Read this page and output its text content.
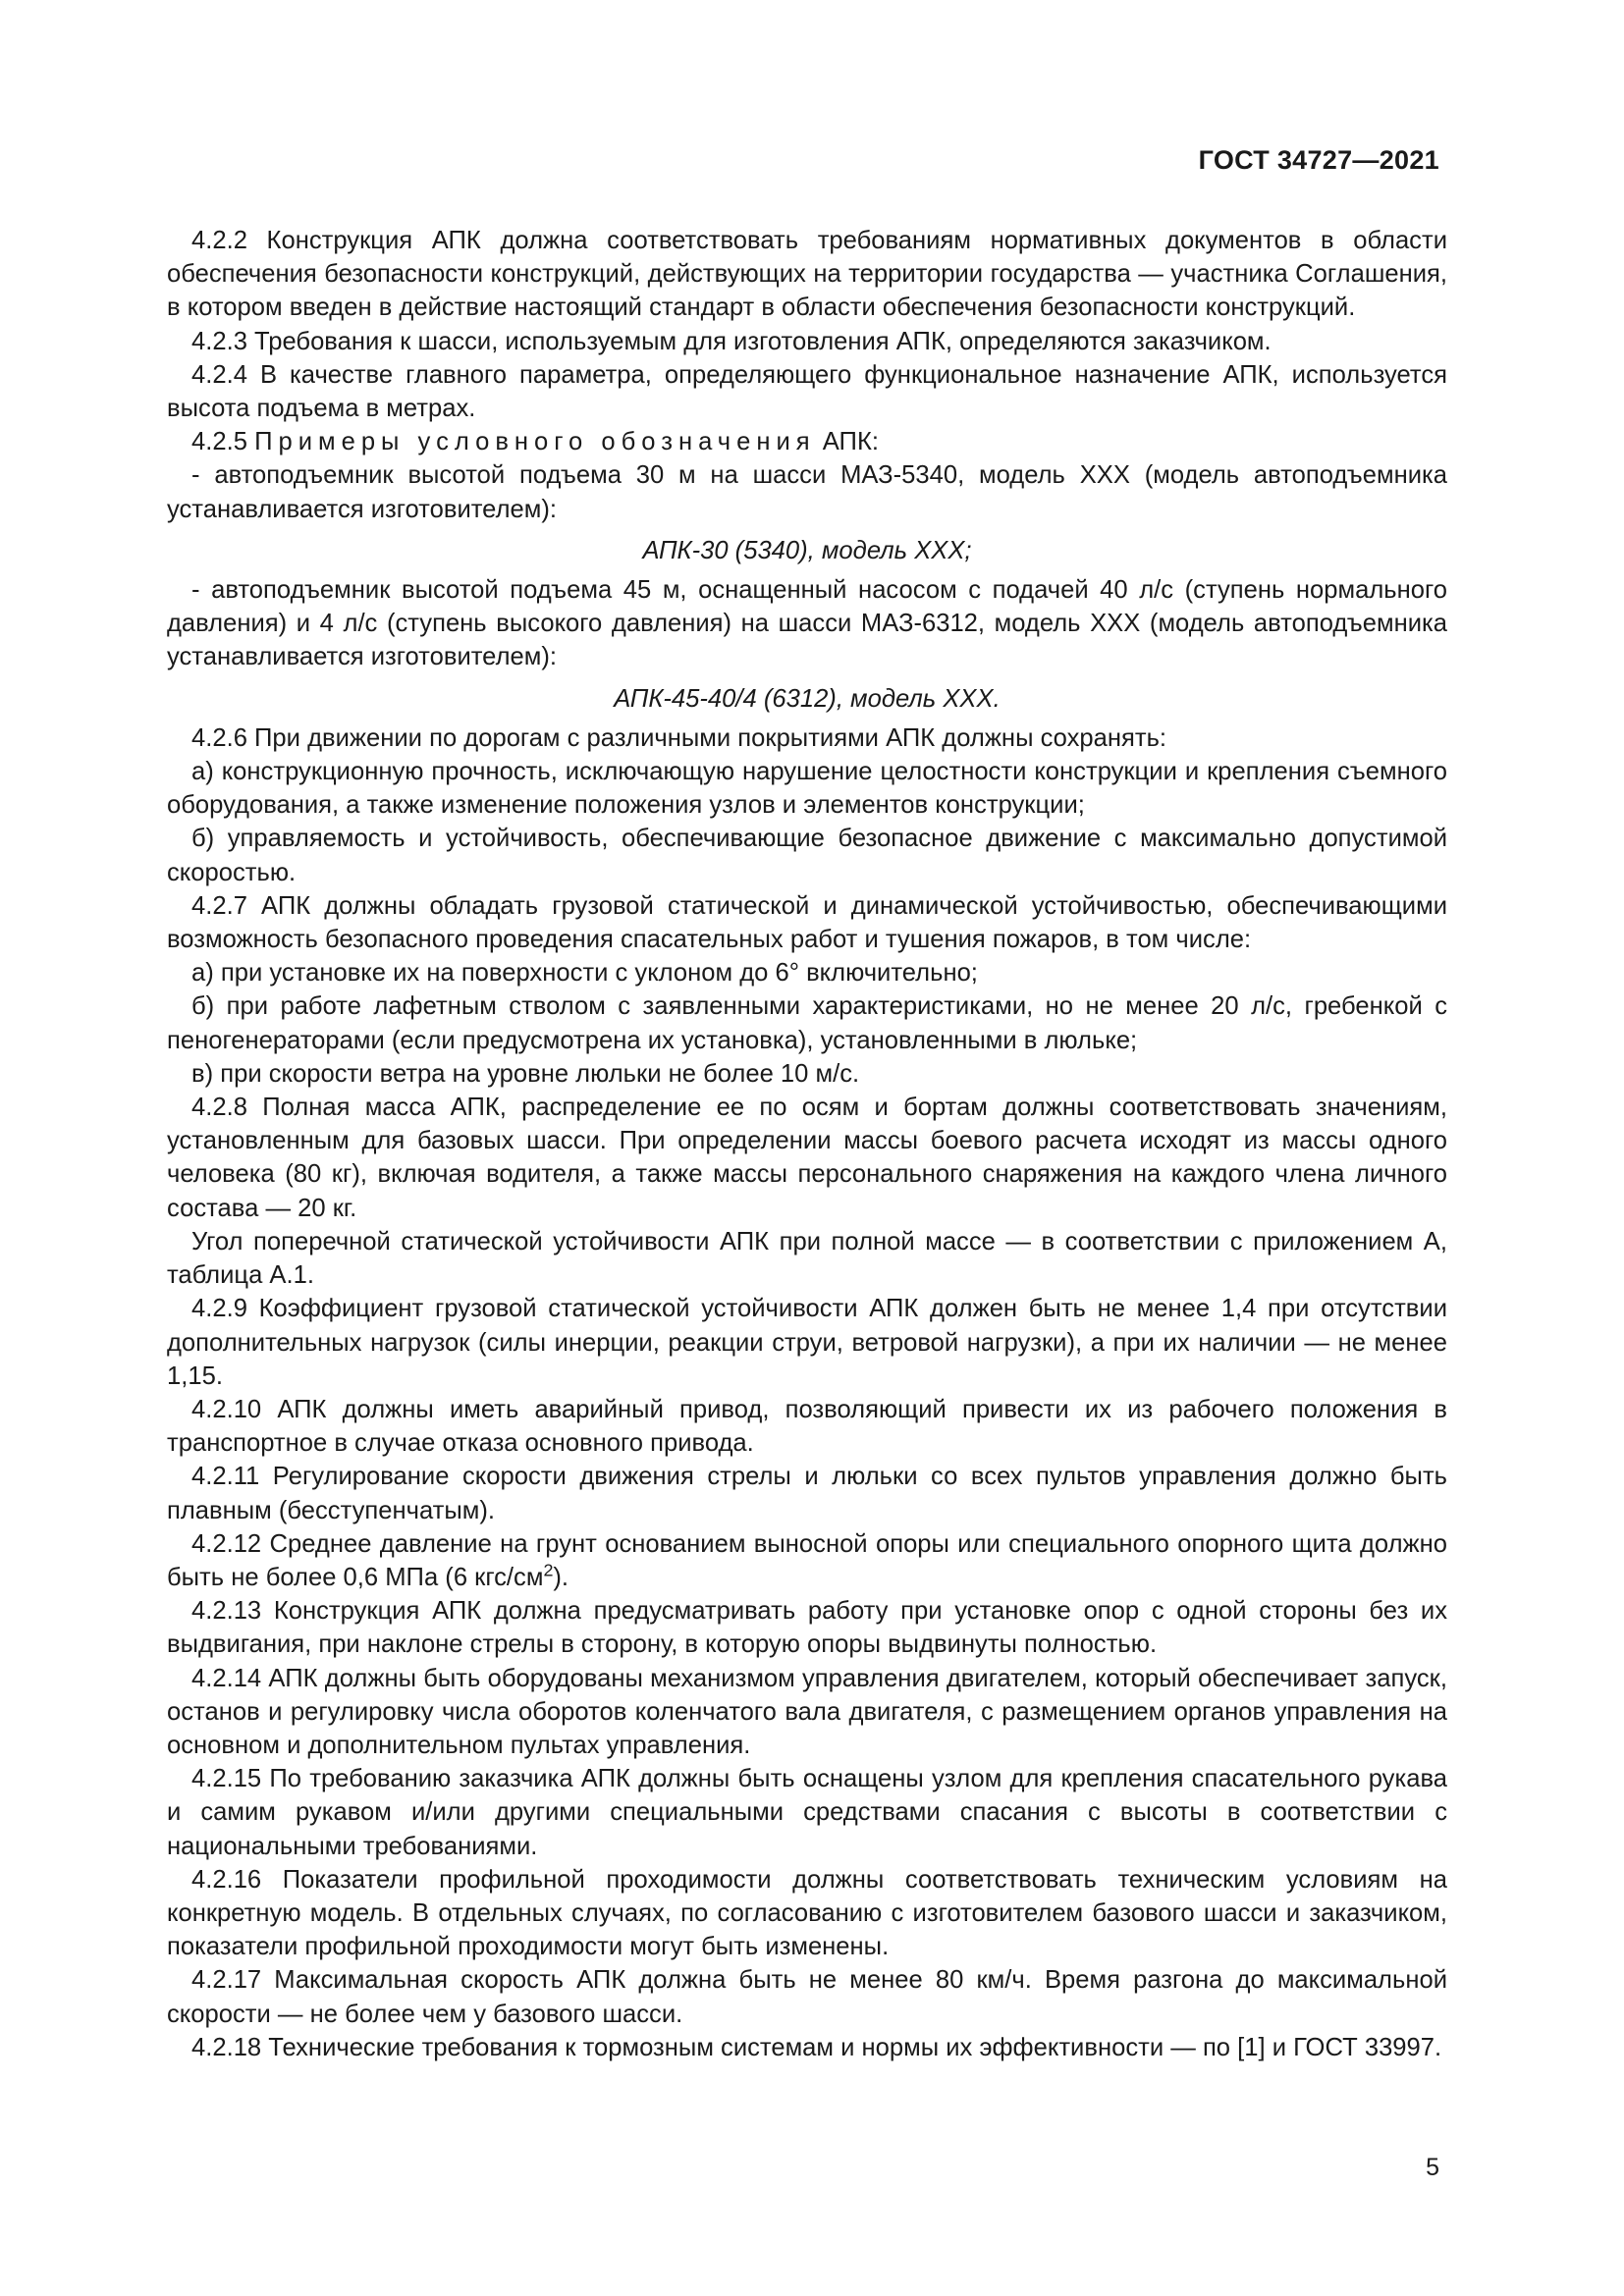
ГОСТ 34727—2021

4.2.2 Конструкция АПК должна соответствовать требованиям нормативных документов в области обеспечения безопасности конструкций, действующих на территории государства — участника Соглашения, в котором введен в действие настоящий стандарт в области обеспечения безопасности конструкций.

4.2.3 Требования к шасси, используемым для изготовления АПК, определяются заказчиком.

4.2.4 В качестве главного параметра, определяющего функциональное назначение АПК, используется высота подъема в метрах.

4.2.5 Примеры условного обозначения АПК:

- автоподъемник высотой подъема 30 м на шасси МАЗ-5340, модель XXX (модель автоподъемника устанавливается изготовителем):

АПК-30 (5340), модель XXX;

- автоподъемник высотой подъема 45 м, оснащенный насосом с подачей 40 л/с (ступень нормального давления) и 4 л/с (ступень высокого давления) на шасси МАЗ-6312, модель XXX (модель автоподъемника устанавливается изготовителем):

АПК-45-40/4 (6312), модель XXX.

4.2.6 При движении по дорогам с различными покрытиями АПК должны сохранять:

а) конструкционную прочность, исключающую нарушение целостности конструкции и крепления съемного оборудования, а также изменение положения узлов и элементов конструкции;

б) управляемость и устойчивость, обеспечивающие безопасное движение с максимально допустимой скоростью.

4.2.7 АПК должны обладать грузовой статической и динамической устойчивостью, обеспечивающими возможность безопасного проведения спасательных работ и тушения пожаров, в том числе:

а) при установке их на поверхности с уклоном до 6° включительно;

б) при работе лафетным стволом с заявленными характеристиками, но не менее 20 л/с, гребенкой с пеногенераторами (если предусмотрена их установка), установленными в люльке;

в) при скорости ветра на уровне люльки не более 10 м/с.

4.2.8 Полная масса АПК, распределение ее по осям и бортам должны соответствовать значениям, установленным для базовых шасси. При определении массы боевого расчета исходят из массы одного человека (80 кг), включая водителя, а также массы персонального снаряжения на каждого члена личного состава — 20 кг.

Угол поперечной статической устойчивости АПК при полной массе — в соответствии с приложением А, таблица А.1.

4.2.9 Коэффициент грузовой статической устойчивости АПК должен быть не менее 1,4 при отсутствии дополнительных нагрузок (силы инерции, реакции струи, ветровой нагрузки), а при их наличии — не менее 1,15.

4.2.10 АПК должны иметь аварийный привод, позволяющий привести их из рабочего положения в транспортное в случае отказа основного привода.

4.2.11 Регулирование скорости движения стрелы и люльки со всех пультов управления должно быть плавным (бесступенчатым).

4.2.12 Среднее давление на грунт основанием выносной опоры или специального опорного щита должно быть не более 0,6 МПа (6 кгс/$см^2$).

4.2.13 Конструкция АПК должна предусматривать работу при установке опор с одной стороны без их выдвигания, при наклоне стрелы в сторону, в которую опоры выдвинуты полностью.

4.2.14 АПК должны быть оборудованы механизмом управления двигателем, который обеспечивает запуск, останов и регулировку числа оборотов коленчатого вала двигателя, с размещением органов управления на основном и дополнительном пультах управления.

4.2.15 По требованию заказчика АПК должны быть оснащены узлом для крепления спасательного рукава и самим рукавом и/или другими специальными средствами спасания с высоты в соответствии с национальными требованиями.

4.2.16 Показатели профильной проходимости должны соответствовать техническим условиям на конкретную модель. В отдельных случаях, по согласованию с изготовителем базового шасси и заказчиком, показатели профильной проходимости могут быть изменены.

4.2.17 Максимальная скорость АПК должна быть не менее 80 км/ч. Время разгона до максимальной скорости — не более чем у базового шасси.

4.2.18 Технические требования к тормозным системам и нормы их эффективности — по [1] и ГОСТ 33997.

5
